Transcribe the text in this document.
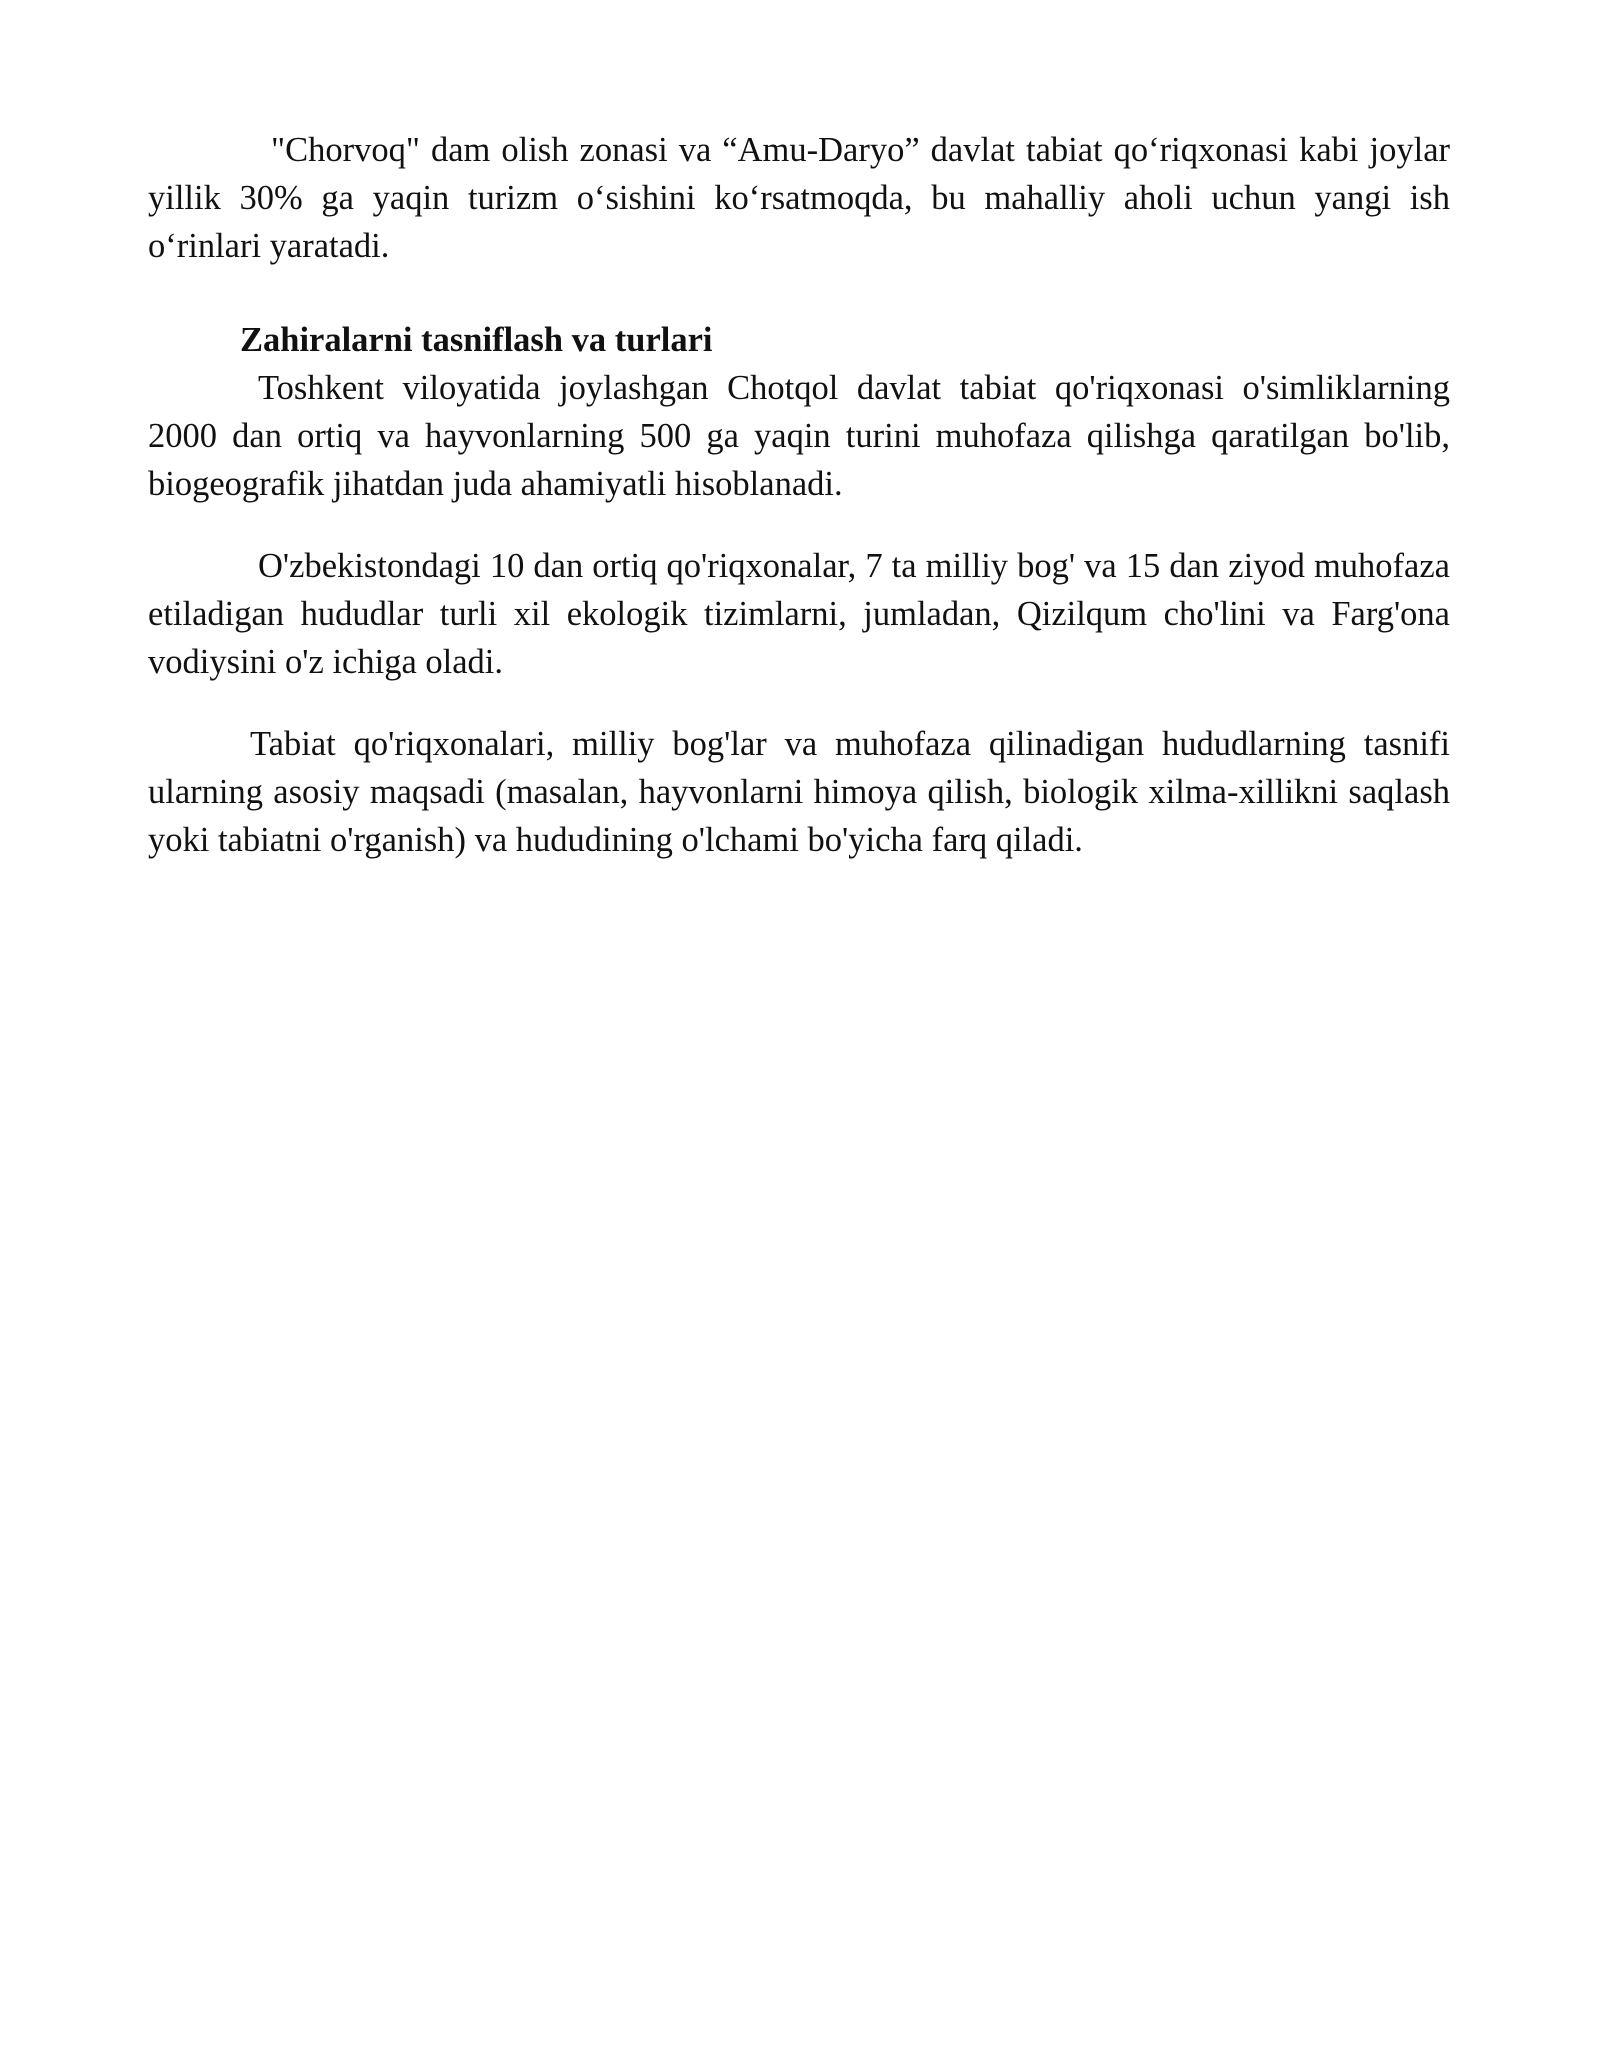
"Chorvoq" dam olish zonasi va “Amu-Daryo” davlat tabiat qo‘riqxonasi kabi joylar yillik 30% ga yaqin turizm o‘sishini ko‘rsatmoqda, bu mahalliy aholi uchun yangi ish o‘rinlari yaratadi.

Zahiralarni tasniflash va turlari

Toshkent viloyatida joylashgan Chotqol davlat tabiat qo'riqxonasi o'simliklarning 2000 dan ortiq va hayvonlarning 500 ga yaqin turini muhofaza qilishga qaratilgan bo'lib, biogeografik jihatdan juda ahamiyatli hisoblanadi.

O'zbekistondagi 10 dan ortiq qo'riqxonalar, 7 ta milliy bog' va 15 dan ziyod muhofaza etiladigan hududlar turli xil ekologik tizimlarni, jumladan, Qizilqum cho'lini va Farg'ona vodiysini o'z ichiga oladi.

Tabiat qo'riqxonalari, milliy bog'lar va muhofaza qilinadigan hududlarning tasnifi ularning asosiy maqsadi (masalan, hayvonlarni himoya qilish, biologik xilma-xillikni saqlash yoki tabiatni o'rganish) va hududining o'lchami bo'yicha farq qiladi.
